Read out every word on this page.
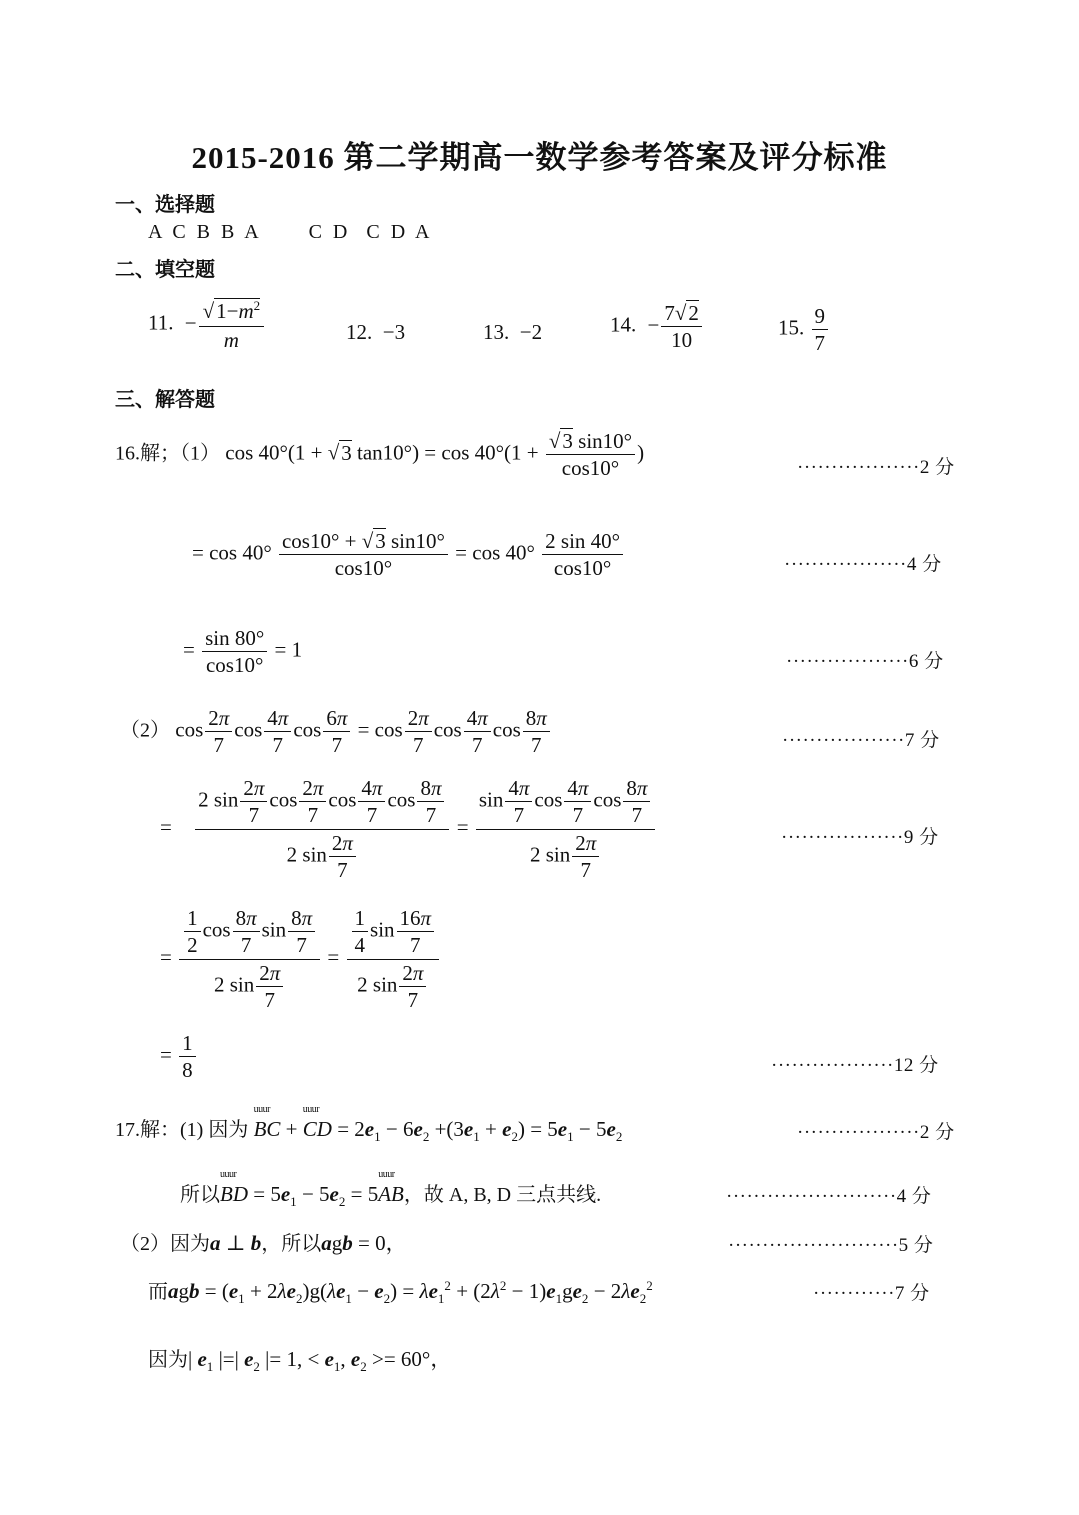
2015-2016 第二学期高一数学参考答案及评分标准
一、选择题
A C B B A      C D  C D A
二、填空题
11. − $\frac{√1-m^2}{m}$	12. −3	13. −2	14. − $\frac{7√2}{10}$	15. $\frac{9}{7}$
三、解答题
16.解；（1） cos 40°(1 + √3 $\tan 10^\circ) = \cos 40^\circ(1 + \frac{√3 \sin 10^\circ}{\cos 10^\circ}$ )
··················2 分
= $\cos 40^\circ \frac{\cos 10^\circ + √3 \sin 10^\circ}{\cos 10^\circ} = \cos 40^\circ \frac{2 \sin 40^\circ}{\cos 10^\circ}$	··················4 分
= $\frac{\sin 80^\circ}{\cos 10^\circ} = 1$	··················6 分
（2） $\cos \frac{2\pi}{7}$ $\cos \frac{4\pi}{7}$ $\cos \frac{6\pi}{7} = \cos \frac{2\pi}{7}$ $\cos \frac{4\pi}{7}$ $\cos \frac{8\pi}{7}$	··················7 分
= $\frac{2 \sin \frac{2\pi}{7} \cos \frac{2\pi}{7} \cos \frac{4\pi}{7} \cos \frac{8\pi}{7}}{2 \sin \frac{2\pi}{7}} = \frac{\sin \frac{4\pi}{7} \cos \frac{4\pi}{7} \cos \frac{8\pi}{7}}{2 \sin \frac{2\pi}{7}}$	··················9 分
= $\frac{\frac{1}{2} \cos \frac{8\pi}{7} \sin \frac{8\pi}{7}}{2 \sin \frac{2\pi}{7}} = \frac{\frac{1}{4} \sin \frac{16\pi}{7}}{2 \sin \frac{2\pi}{7}}$
= $\frac{1}{8}$	··················12 分
17.解：(1) 因为 uuur BC + uuur CD = $2e_1 - 6e_2 +(3e_1 + e_2) = 5e_1 - 5e_2$	··················2 分
所以uuur BD = $5e_1 - 5e_2$ = 5uuur AB，故 A, B, D 三点共线.	·························4 分
（2）因为a ⊥ b，所以agb = 0，	·························5 分
而agb = $(e_1 + 2\lambda e_2)g(\lambda e_1 - e_2) = \lambda e_1^2 + (2\lambda^2 - 1)e_1ge_2 - 2\lambda e_2^2$	············7 分
因为| $e_1$ |=| $e_2$ |= 1, < $e_1$, $e_2 >= 60^\circ$，
